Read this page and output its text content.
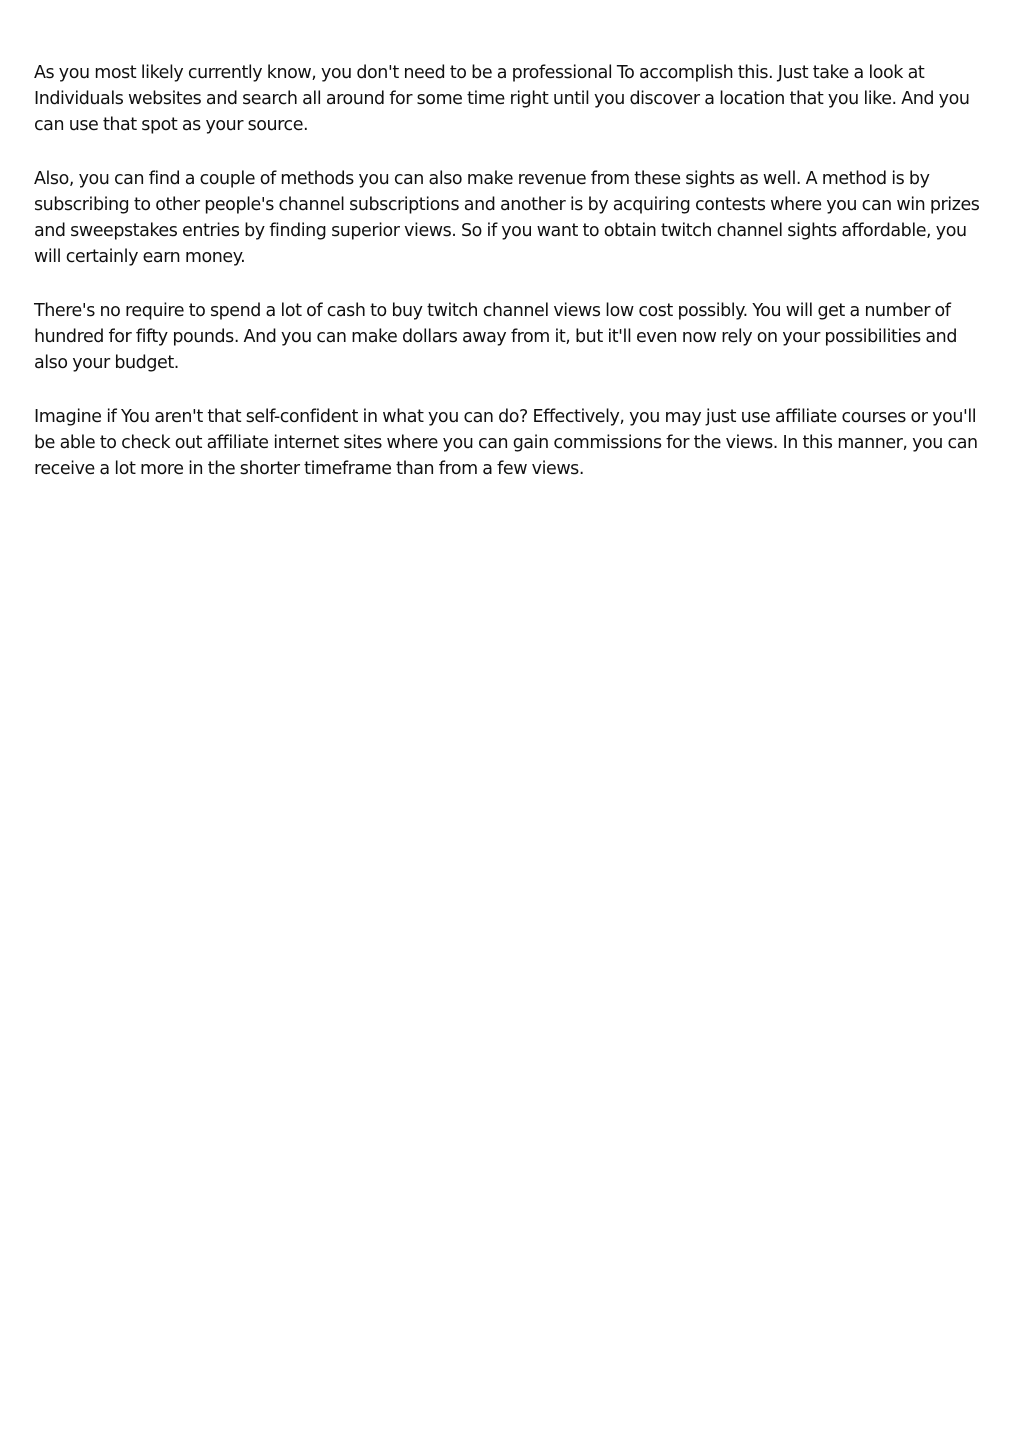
As you most likely currently know, you don't need to be a professional To accomplish this. Just take a look at Individuals websites and search all around for some time right until you discover a location that you like. And you can use that spot as your source.

Also, you can find a couple of methods you can also make revenue from these sights as well. A method is by subscribing to other people's channel subscriptions and another is by acquiring contests where you can win prizes and sweepstakes entries by finding superior views. So if you want to obtain twitch channel sights affordable, you will certainly earn money.

There's no require to spend a lot of cash to buy twitch channel views low cost possibly. You will get a number of hundred for fifty pounds. And you can make dollars away from it, but it'll even now rely on your possibilities and also your budget.

Imagine if You aren't that self-confident in what you can do? Effectively, you may just use affiliate courses or you'll be able to check out affiliate internet sites where you can gain commissions for the views. In this manner, you can receive a lot more in the shorter timeframe than from a few views.
